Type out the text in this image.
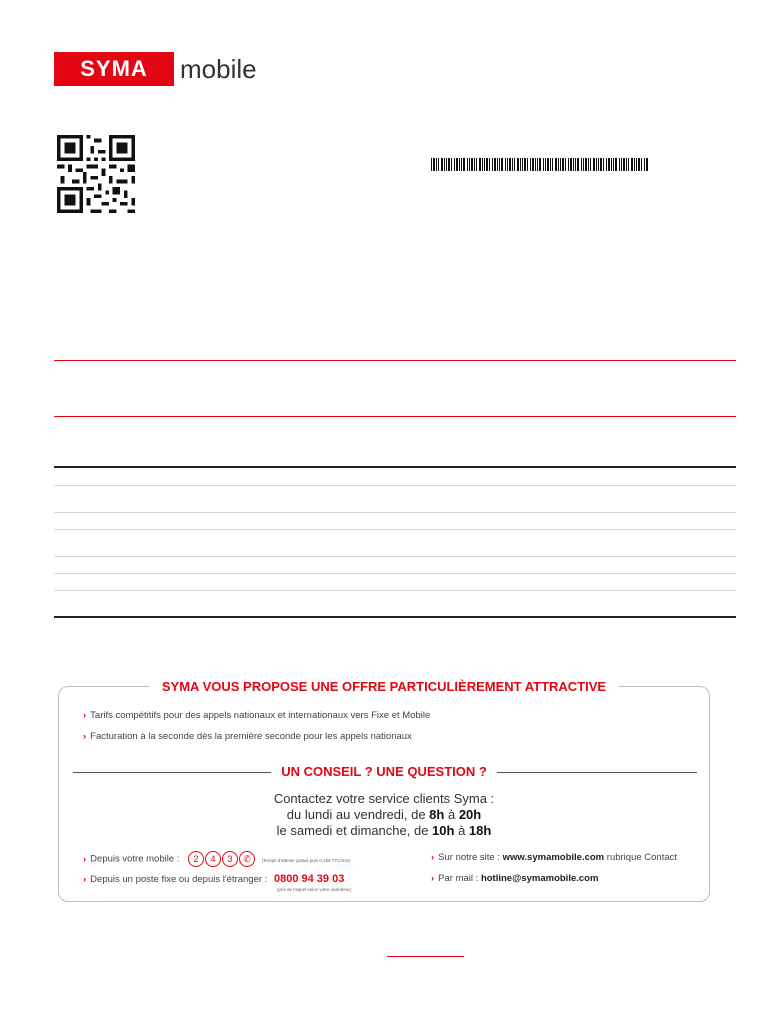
SYMA mobile
SYMA VOUS PROPOSE UNE OFFRE PARTICULIÈREMENT ATTRACTIVE
› Tarifs compétitifs pour des appels nationaux et internationaux vers Fixe et Mobile
› Facturation à la seconde dès la première seconde pour les appels nationaux
UN CONSEIL ? UNE QUESTION ?
Contactez votre service clients Syma :
du lundi au vendredi, de 8h à 20h
le samedi et dimanche, de 10h à 18h
› Depuis votre mobile : 2 4 3 ✆ (Temps d'attente gratuit puis 0,15€ TTC/min)
› Depuis un poste fixe ou depuis l'étranger : 0800 94 39 03
(prix de l'appel selon votre opérateur)
› Sur notre site : www.symamobile.com rubrique Contact
› Par mail : hotline@symamobile.com
